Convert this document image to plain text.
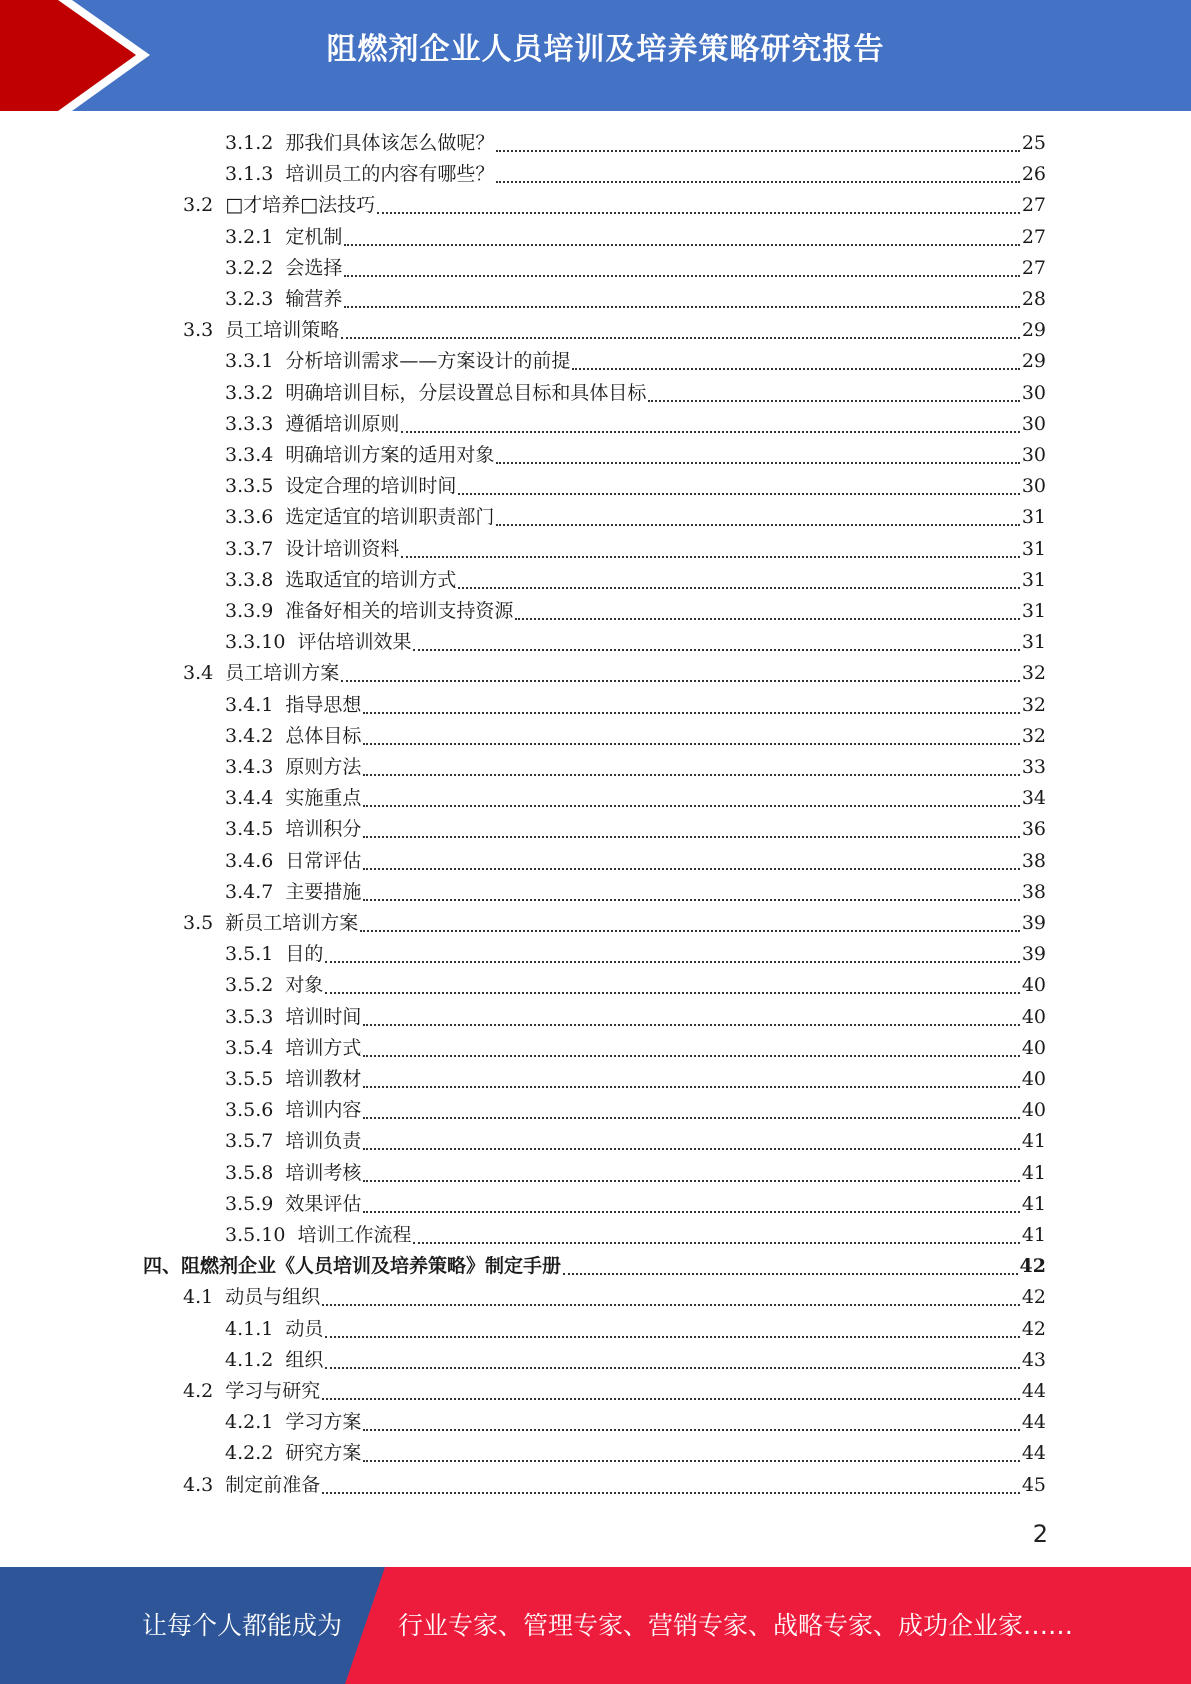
阻燃剂企业人员培训及培养策略研究报告
3.1.2 那我们具体该怎么做呢？	25
3.1.3 培训员工的内容有哪些？	26
3.2 □才培养□法技巧	27
3.2.1 定机制	27
3.2.2 会选择	27
3.2.3 输营养	28
3.3 员工培训策略	29
3.3.1 分析培训需求——方案设计的前提	29
3.3.2 明确培训目标，分层设置总目标和具体目标	30
3.3.3 遵循培训原则	30
3.3.4 明确培训方案的适用对象	30
3.3.5 设定合理的培训时间	30
3.3.6 选定适宜的培训职责部门	31
3.3.7 设计培训资料	31
3.3.8 选取适宜的培训方式	31
3.3.9 准备好相关的培训支持资源	31
3.3.10 评估培训效果	31
3.4 员工培训方案	32
3.4.1 指导思想	32
3.4.2 总体目标	32
3.4.3 原则方法	33
3.4.4 实施重点	34
3.4.5 培训积分	36
3.4.6 日常评估	38
3.4.7 主要措施	38
3.5 新员工培训方案	39
3.5.1 目的	39
3.5.2 对象	40
3.5.3 培训时间	40
3.5.4 培训方式	40
3.5.5 培训教材	40
3.5.6 培训内容	40
3.5.7 培训负责	41
3.5.8 培训考核	41
3.5.9 效果评估	41
3.5.10 培训工作流程	41
四、阻燃剂企业《人员培训及培养策略》制定手册	42
4.1 动员与组织	42
4.1.1 动员	42
4.1.2 组织	43
4.2 学习与研究	44
4.2.1 学习方案	44
4.2.2 研究方案	44
4.3 制定前准备	45
2
让每个人都能成为 行业专家、管理专家、营销专家、战略专家、成功企业家……
